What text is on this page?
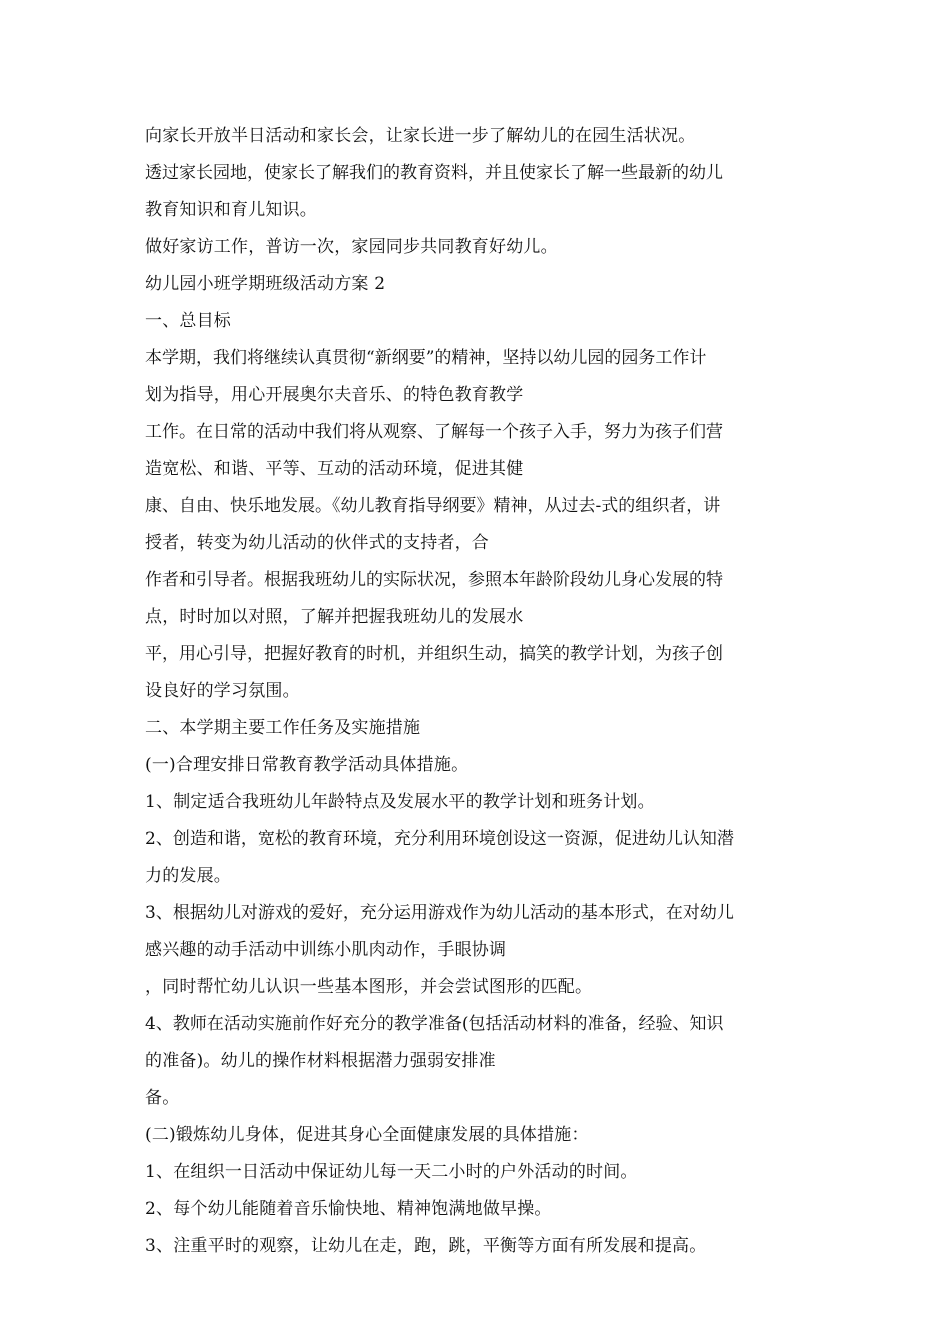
向家长开放半日活动和家长会，让家长进一步了解幼儿的在园生活状况。
透过家长园地，使家长了解我们的教育资料，并且使家长了解一些最新的幼儿
教育知识和育儿知识。
做好家访工作，普访一次，家园同步共同教育好幼儿。
幼儿园小班学期班级活动方案 2
一、总目标
本学期，我们将继续认真贯彻“新纲要”的精神，坚持以幼儿园的园务工作计
划为指导，用心开展奥尔夫音乐、的特色教育教学
工作。在日常的活动中我们将从观察、了解每一个孩子入手，努力为孩子们营
造宽松、和谐、平等、互动的活动环境，促进其健
康、自由、快乐地发展。《幼儿教育指导纲要》精神，从过去-式的组织者，讲
授者，转变为幼儿活动的伙伴式的支持者，合
作者和引导者。根据我班幼儿的实际状况，参照本年龄阶段幼儿身心发展的特
点，时时加以对照，了解并把握我班幼儿的发展水
平，用心引导，把握好教育的时机，并组织生动，搞笑的教学计划，为孩子创
设良好的学习氛围。
二、本学期主要工作任务及实施措施
(一)合理安排日常教育教学活动具体措施。
1、制定适合我班幼儿年龄特点及发展水平的教学计划和班务计划。
2、创造和谐，宽松的教育环境，充分利用环境创设这一资源，促进幼儿认知潜
力的发展。
3、根据幼儿对游戏的爱好，充分运用游戏作为幼儿活动的基本形式，在对幼儿
感兴趣的动手活动中训练小肌肉动作，手眼协调
，同时帮忙幼儿认识一些基本图形，并会尝试图形的匹配。
4、教师在活动实施前作好充分的教学准备(包括活动材料的准备，经验、知识
的准备)。幼儿的操作材料根据潜力强弱安排准
备。
(二)锻炼幼儿身体，促进其身心全面健康发展的具体措施：
1、在组织一日活动中保证幼儿每一天二小时的户外活动的时间。
2、每个幼儿能随着音乐愉快地、精神饱满地做早操。
3、注重平时的观察，让幼儿在走，跑，跳，平衡等方面有所发展和提高。
